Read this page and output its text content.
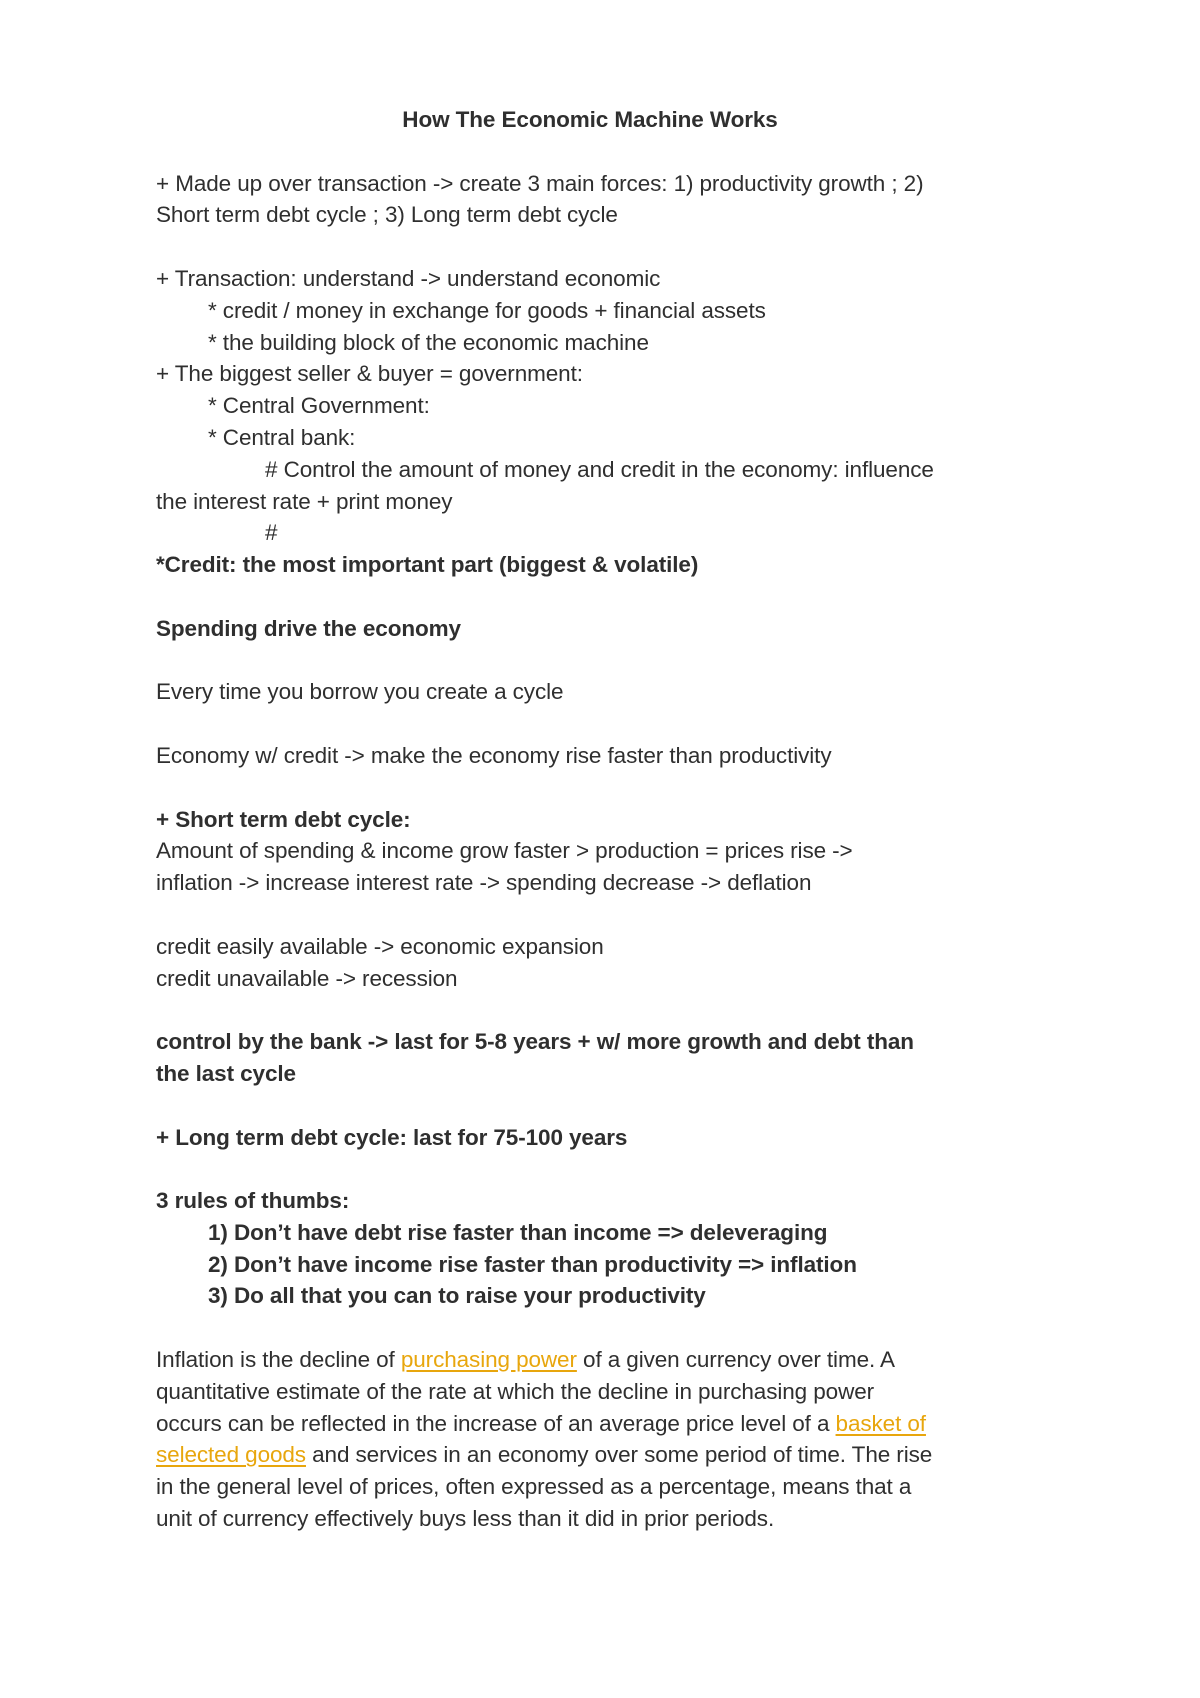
How The Economic Machine Works

+ Made up over transaction -> create 3 main forces: 1) productivity growth ; 2)

Short term debt cycle ; 3) Long term debt cycle

+ Transaction: understand -> understand economic

* credit / money in exchange for goods + financial assets

* the building block of the economic machine

+ The biggest seller & buyer = government:

* Central Government:

* Central bank:

# Control the amount of money and credit in the economy: influence

the interest rate + print money

#

*Credit: the most important part (biggest & volatile)

Spending drive the economy

Every time you borrow you create a cycle

Economy w/ credit -> make the economy rise faster than productivity

+ Short term debt cycle:

Amount of spending & income grow faster > production = prices rise ->

inflation -> increase interest rate -> spending decrease -> deflation

credit easily available -> economic expansion

credit unavailable -> recession

control by the bank -> last for 5-8 years + w/ more growth and debt than

the last cycle

+ Long term debt cycle: last for 75-100 years

3 rules of thumbs:

1) Don’t have debt rise faster than income => deleveraging

2) Don’t have income rise faster than productivity => inflation

3) Do all that you can to raise your productivity

Inflation is the decline of purchasing power of a given currency over time. A

quantitative estimate of the rate at which the decline in purchasing power

occurs can be reflected in the increase of an average price level of a basket of

selected goods and services in an economy over some period of time. The rise

in the general level of prices, often expressed as a percentage, means that a

unit of currency effectively buys less than it did in prior periods.
